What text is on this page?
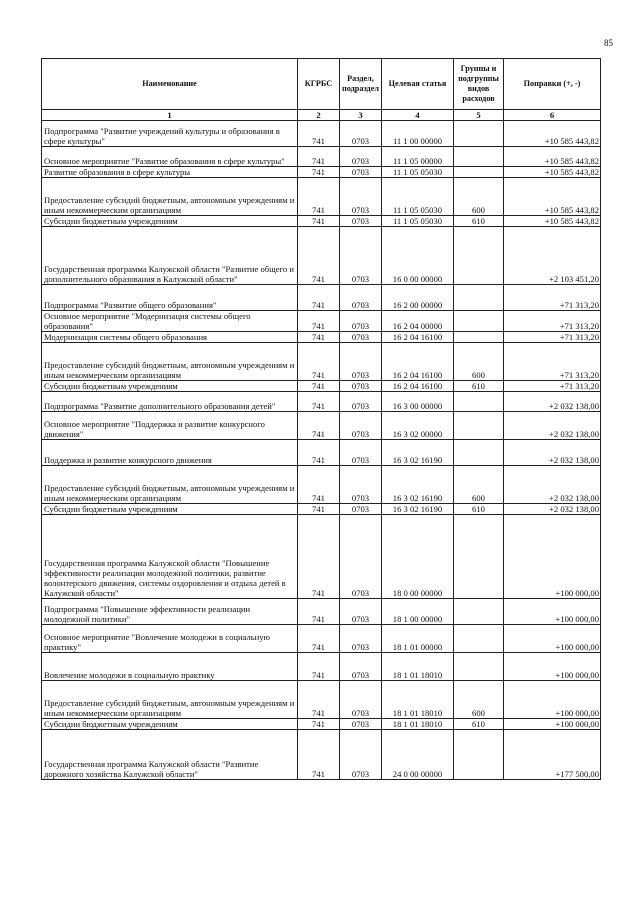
85
Наименование	КГРБС	Раздел, подраздел	Целевая статья	Группы и подгруппы видов расходов	Поправки (+, -)
1	2	3	4	5	6
Подпрограмма "Развитие учреждений культуры и образования в сфере культуры"	741	0703	11 1 00 00000		+10 585 443,82
Основное мероприятие "Развитие образования в сфере культуры"	741	0703	11 1 05 00000		+10 585 443,82
Развитие образования в сфере культуры	741	0703	11 1 05 05030		+10 585 443,82
Предоставление субсидий бюджетным, автономным учреждениям и иным некоммерческим организациям	741	0703	11 1 05 05030	600	+10 585 443,82
Субсидии бюджетным учреждениям	741	0703	11 1 05 05030	610	+10 585 443,82
Государственная программа Калужской области "Развитие общего и дополнительного образования в Калужской области"	741	0703	16 0 00 00000		+2 103 451,20
Подпрограмма "Развитие общего образования"	741	0703	16 2 00 00000		+71 313,20
Основное мероприятие "Модернизация системы общего образования"	741	0703	16 2 04 00000		+71 313,20
Модернизация системы общего образования	741	0703	16 2 04 16100		+71 313,20
Предоставление субсидий бюджетным, автономным учреждениям и иным некоммерческим организациям	741	0703	16 2 04 16100	600	+71 313,20
Субсидии бюджетным учреждениям	741	0703	16 2 04 16100	610	+71 313,20
Подпрограмма "Развитие дополнительного образования детей"	741	0703	16 3 00 00000		+2 032 138,00
Основное мероприятие "Поддержка и развитие конкурсного движения"	741	0703	16 3 02 00000		+2 032 138,00
Поддержка и развитие конкурсного движения	741	0703	16 3 02 16190		+2 032 138,00
Предоставление субсидий бюджетным, автономным учреждениям и иным некоммерческим организациям	741	0703	16 3 02 16190	600	+2 032 138,00
Субсидии бюджетным учреждениям	741	0703	16 3 02 16190	610	+2 032 138,00
Государственная программа Калужской области "Повышение эффективности реализации молодежной политики, развитие волонтерского движения, системы оздоровления и отдыха детей в Калужской области"	741	0703	18 0 00 00000		+100 000,00
Подпрограмма "Повышение эффективности реализации молодежной политики"	741	0703	18 1 00 00000		+100 000,00
Основное мероприятие "Вовлечение молодежи в социальную практику"	741	0703	18 1 01 00000		+100 000,00
Вовлечение молодежи в социальную практику	741	0703	18 1 01 18010		+100 000,00
Предоставление субсидий бюджетным, автономным учреждениям и иным некоммерческим организациям	741	0703	18 1 01 18010	600	+100 000,00
Субсидии бюджетным учреждениям	741	0703	18 1 01 18010	610	+100 000,00
Государственная программа Калужской области "Развитие дорожного хозяйства Калужской области"	741	0703	24 0 00 00000		+177 500,00
